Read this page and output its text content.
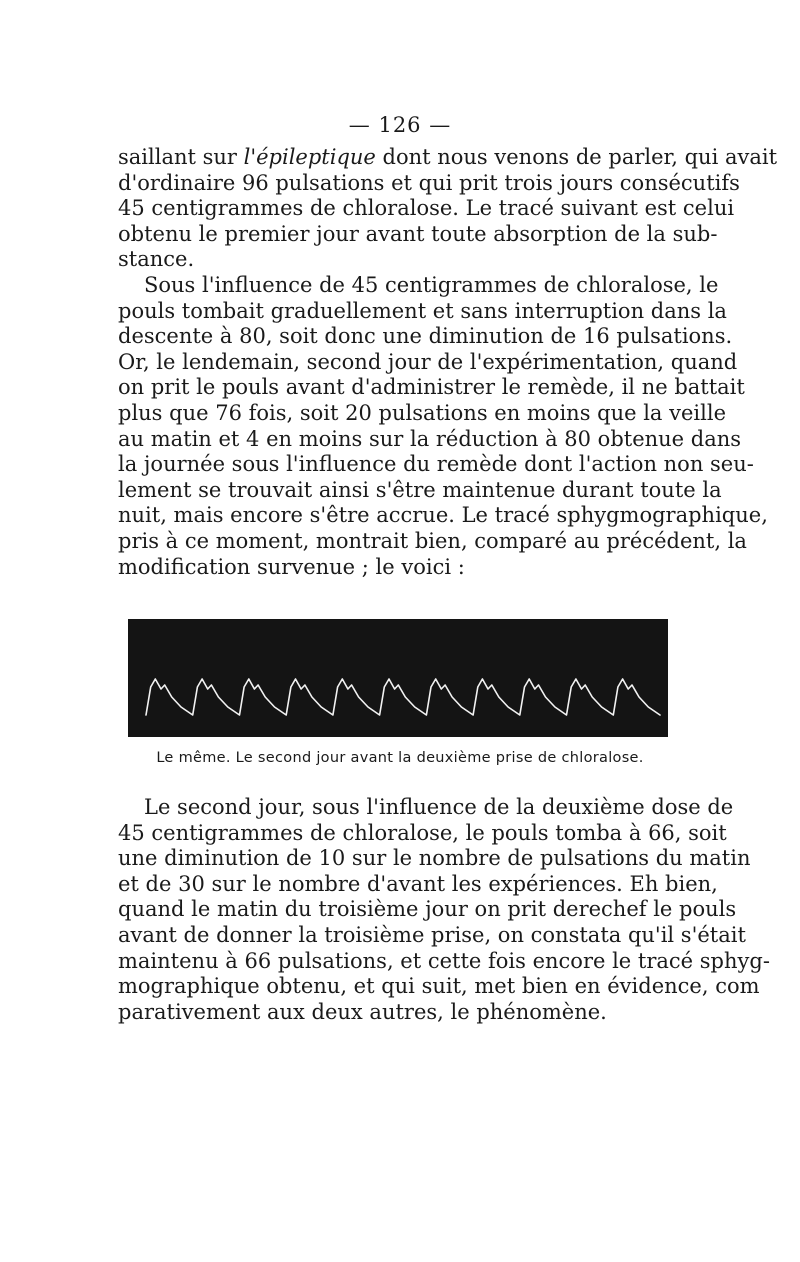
— 126 —
saillant sur l'épileptique dont nous venons de parler, qui avait
d'ordinaire 96 pulsations et qui prit trois jours consécutifs
45 centigrammes de chloralose. Le tracé suivant est celui
obtenu le premier jour avant toute absorption de la sub-
stance.
Sous l'influence de 45 centigrammes de chloralose, le
pouls tombait graduellement et sans interruption dans la
descente à 80, soit donc une diminution de 16 pulsations.
Or, le lendemain, second jour de l'expérimentation, quand
on prit le pouls avant d'administrer le remède, il ne battait
plus que 76 fois, soit 20 pulsations en moins que la veille
au matin et 4 en moins sur la réduction à 80 obtenue dans
la journée sous l'influence du remède dont l'action non seu-
lement se trouvait ainsi s'être maintenue durant toute la
nuit, mais encore s'être accrue. Le tracé sphygmographique,
pris à ce moment, montrait bien, comparé au précédent, la
modification survenue ; le voici :
Le même. Le second jour avant la deuxième prise de chloralose.
Le second jour, sous l'influence de la deuxième dose de
45 centigrammes de chloralose, le pouls tomba à 66, soit
une diminution de 10 sur le nombre de pulsations du matin
et de 30 sur le nombre d'avant les expériences. Eh bien,
quand le matin du troisième jour on prit derechef le pouls
avant de donner la troisième prise, on constata qu'il s'était
maintenu à 66 pulsations, et cette fois encore le tracé sphyg-
mographique obtenu, et qui suit, met bien en évidence, com
parativement aux deux autres, le phénomène.
